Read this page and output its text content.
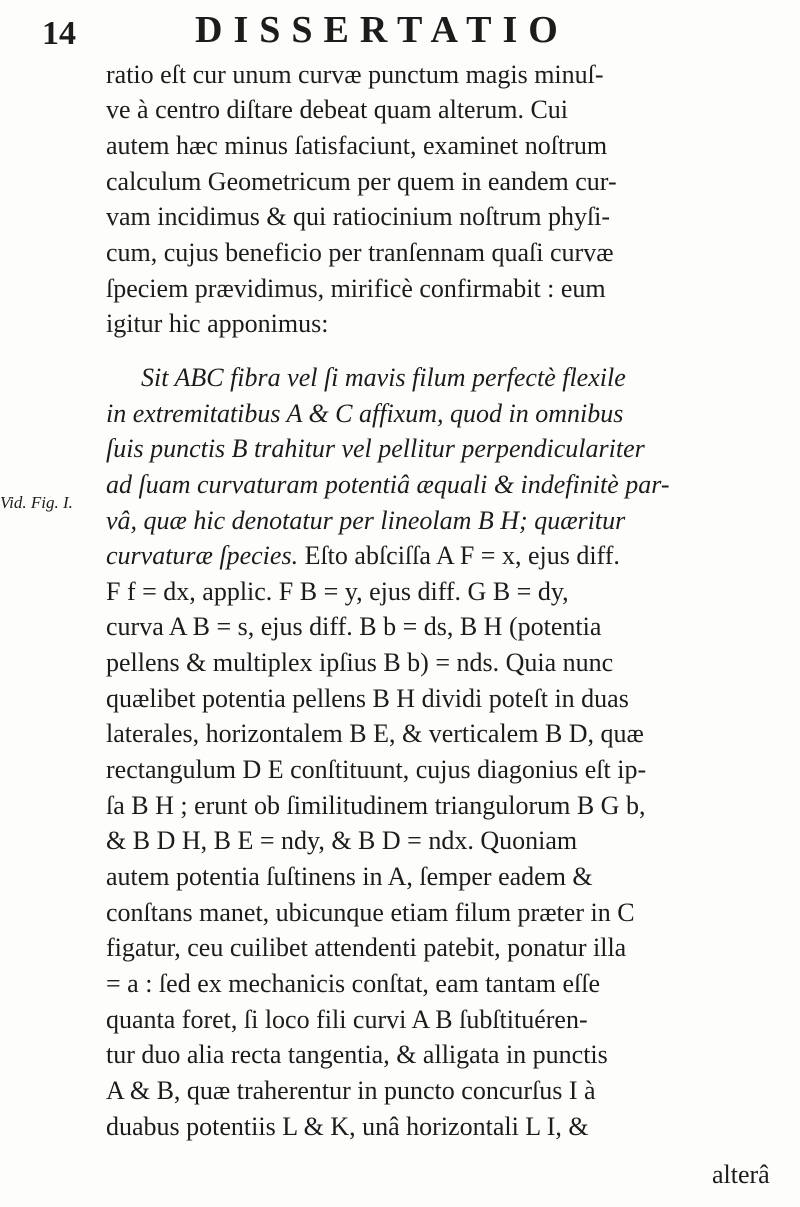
14	DISSERTATIO
Vid. Fig. I.
ratio eſt cur unum curvæ punctum magis minuſ-
ve à centro diſtare debeat quam alterum. Cui
autem hæc minus ſatisfaciunt, examinet noſtrum
calculum Geometricum per quem in eandem cur-
vam incidimus & qui ratiocinium noſtrum phyſi-
cum, cujus beneficio per tranſennam quaſi curvæ
ſpeciem prævidimus, mirificè confirmabit : eum
igitur hic apponimus:
Sit ABC fibra vel ſi mavis filum perfectè flexile
in extremitatibus A & C affixum, quod in omnibus
ſuis punctis B trahitur vel pellitur perpendiculariter
ad ſuam curvaturam potentiâ æquali & indefinitè par-
vâ, quæ hic denotatur per lineolam B H; quæritur
curvaturæ ſpecies. Eſto abſciſſa A F = x, ejus diff.
F f = dx, applic. F B = y, ejus diff. G B = dy,
curva A B = s, ejus diff. B b = ds, B H (potentia
pellens & multiplex ipſius B b) = nds. Quia nunc
quælibet potentia pellens B H dividi poteſt in duas
laterales, horizontalem B E, & verticalem B D, quæ
rectangulum D E conſtituunt, cujus diagonius eſt ip-
ſa B H ; erunt ob ſimilitudinem triangulorum B G b,
& B D H, B E = ndy, & B D = ndx. Quoniam
autem potentia ſuſtinens in A, ſemper eadem &
conſtans manet, ubicunque etiam filum præter in C
figatur, ceu cuilibet attendenti patebit, ponatur illa
= a : ſed ex mechanicis conſtat, eam tantam eſſe
quanta foret, ſi loco fili curvi A B ſubſtituéren-
tur duo alia recta tangentia, & alligata in punctis
A & B, quæ traherentur in puncto concurſus I à
duabus potentiis L & K, unâ horizontali L I, &
alterâ
